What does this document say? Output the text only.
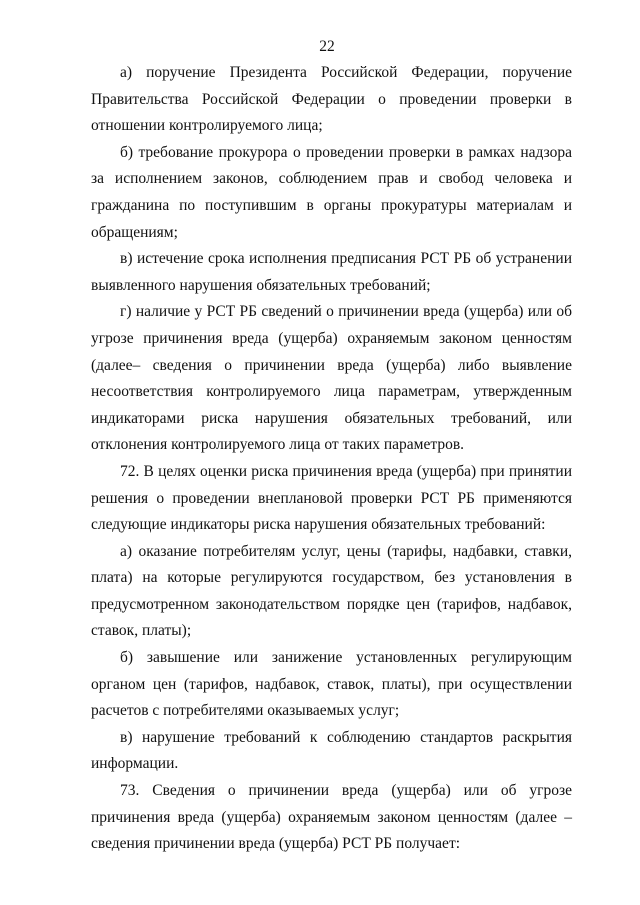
22

а) поручение Президента Российской Федерации, поручение Правительства Российской Федерации о проведении проверки в отношении контролируемого лица;

б) требование прокурора о проведении проверки в рамках надзора за исполнением законов, соблюдением прав и свобод человека и гражданина по поступившим в органы прокуратуры материалам и обращениям;

в) истечение срока исполнения предписания РСТ РБ об устранении выявленного нарушения обязательных требований;

г) наличие у РСТ РБ сведений о причинении вреда (ущерба) или об угрозе причинения вреда (ущерба) охраняемым законом ценностям (далее– сведения о причинении вреда (ущерба) либо выявление несоответствия контролируемого лица параметрам, утвержденным индикаторами риска нарушения обязательных требований, или отклонения контролируемого лица от таких параметров.

72. В целях оценки риска причинения вреда (ущерба) при принятии решения о проведении внеплановой проверки РСТ РБ применяются следующие индикаторы риска нарушения обязательных требований:

а) оказание потребителям услуг, цены (тарифы, надбавки, ставки, плата) на которые регулируются государством, без установления в предусмотренном законодательством порядке цен (тарифов, надбавок, ставок, платы);

б) завышение или занижение установленных регулирующим органом цен (тарифов, надбавок, ставок, платы), при осуществлении расчетов с потребителями оказываемых услуг;

в) нарушение требований к соблюдению стандартов раскрытия информации.

73. Сведения о причинении вреда (ущерба) или об угрозе причинения вреда (ущерба) охраняемым законом ценностям (далее – сведения причинении вреда (ущерба) РСТ РБ получает:
